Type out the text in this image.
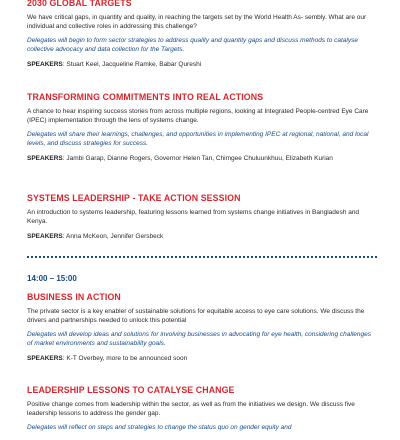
2030 GLOBAL TARGETS

We have critical gaps, in quantity and quality, in reaching the targets set by the World Health As- sembly. What are our individual and collective roles in addressing this challenge?

Delegates will begin to form sector strategies to address quality and quantity gaps and discuss methods to catalyse collective advocacy and data collection for the Targets.

SPEAKERS: Stuart Keel, Jacqueline Ramke, Babar Qureshi

TRANSFORMING COMMITMENTS INTO REAL ACTIONS

A chance to hear inspiring success stories from across multiple regions, looking at Integrated People-centred Eye Care (IPEC) implementation through the lens of systems change.

Delegates will share their learnings, challenges, and opportunities in implementing IPEC at regional, national, and local levels, and discuss strategies for success.

SPEAKERS: Jambi Garap, Dianne Rogers, Governor Helen Tan, Chimgee Chuluunkhuu, Elizabeth Kurian

SYSTEMS LEADERSHIP - TAKE ACTION SESSION

An introduction to systems leadership, featuring lessons learned from systems change initiatives in Bangladesh and Kenya.

SPEAKERS: Anna McKeon, Jennifer Gersbeck

14:00 – 15:00
BUSINESS IN ACTION

The private sector is a key enabler of sustainable solutions for equitable access to eye care solutions. We discuss the drivers and partnerships needed to unlock this potential

Delegates will develop ideas and solutions for involving businesses in advocating for eye health, considering challenges of market environments and sustainability goals.

SPEAKERS: K-T Overbey, more to be announced soon

LEADERSHIP LESSONS TO CATALYSE CHANGE

Positive change comes from leadership within the sector, as well as from the initiatives we design. We discuss five leadership lessons to address the gender gap.

Delegates will reflect on steps and strategies to change the status quo on gender equity and
